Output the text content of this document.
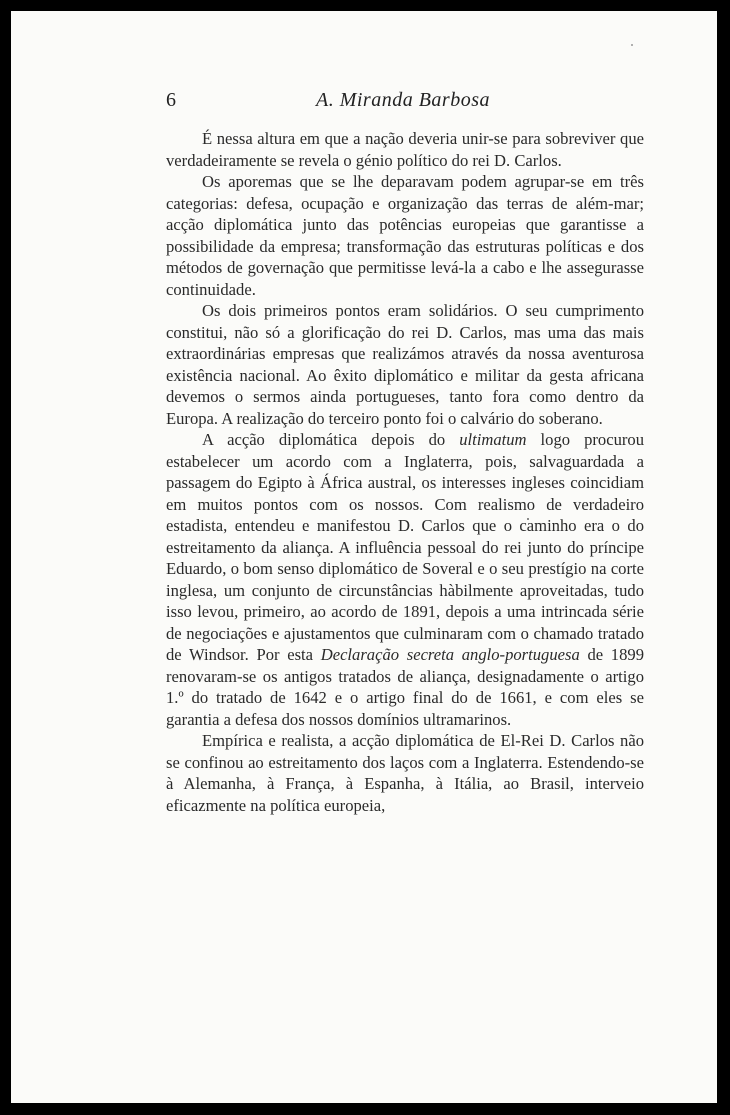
6	A. Miranda Barbosa

É nessa altura em que a nação deveria unir-se para sobreviver que verdadeiramente se revela o génio político do rei D. Carlos.

Os aporemas que se lhe deparavam podem agrupar-se em três categorias: defesa, ocupação e organização das terras de além-mar; acção diplomática junto das potências europeias que garantisse a possibilidade da empresa; transformação das estruturas políticas e dos métodos de governação que permitisse levá-la a cabo e lhe assegurasse continuidade.

Os dois primeiros pontos eram solidários. O seu cumprimento constitui, não só a glorificação do rei D. Carlos, mas uma das mais extraordinárias empresas que realizámos através da nossa aventurosa existência nacional. Ao êxito diplomático e militar da gesta africana devemos o sermos ainda portugueses, tanto fora como dentro da Europa. A realização do terceiro ponto foi o calvário do soberano.

A acção diplomática depois do ultimatum logo procurou estabelecer um acordo com a Inglaterra, pois, salvaguardada a passagem do Egipto à África austral, os interesses ingleses coincidiam em muitos pontos com os nossos. Com realismo de verdadeiro estadista, entendeu e manifestou D. Carlos que o caminho era o do estreitamento da aliança. A influência pessoal do rei junto do príncipe Eduardo, o bom senso diplomático de Soveral e o seu prestígio na corte inglesa, um conjunto de circunstâncias hàbilmente aproveitadas, tudo isso levou, primeiro, ao acordo de 1891, depois a uma intrincada série de negociações e ajustamentos que culminaram com o chamado tratado de Windsor. Por esta Declaração secreta anglo-portuguesa de 1899 renovaram-se os antigos tratados de aliança, designadamente o artigo 1.º do tratado de 1642 e o artigo final do de 1661, e com eles se garantia a defesa dos nossos domínios ultramarinos.

Empírica e realista, a acção diplomática de El-Rei D. Carlos não se confinou ao estreitamento dos laços com a Inglaterra. Estendendo-se à Alemanha, à França, à Espanha, à Itália, ao Brasil, interveio eficazmente na política europeia,
